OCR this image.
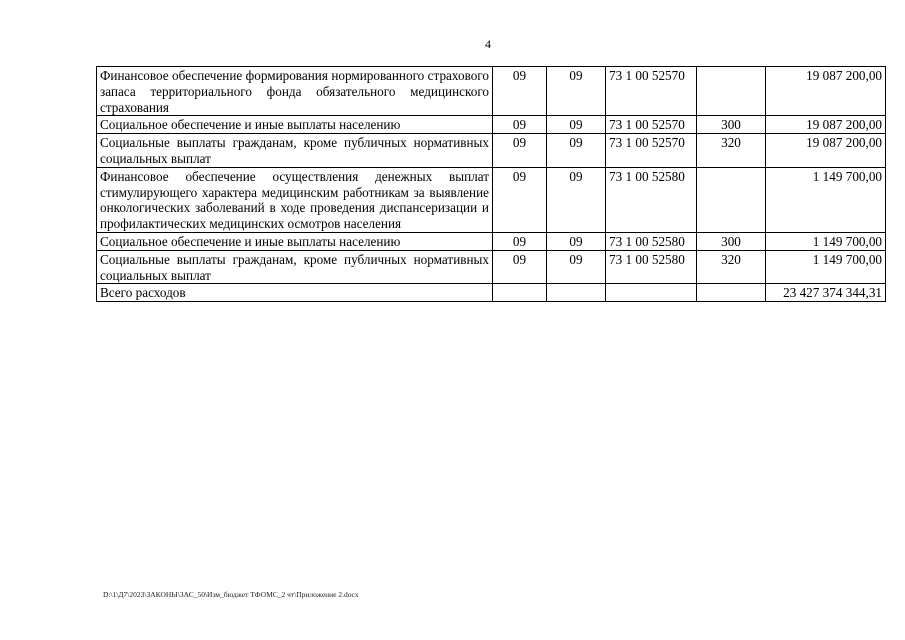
4
Финансовое обеспечение формирования нормированного страхового запаса территориального фонда обязательного медицинского страхования	09	09	73 1 00 52570		19 087 200,00
Социальное обеспечение и иные выплаты населению	09	09	73 1 00 52570	300	19 087 200,00
Социальные выплаты гражданам, кроме публичных нормативных социальных выплат	09	09	73 1 00 52570	320	19 087 200,00
Финансовое обеспечение осуществления денежных выплат стимулирующего характера медицинским работникам за выявление онкологических заболеваний в ходе проведения диспансеризации и профилактических медицинских осмотров населения	09	09	73 1 00 52580		1 149 700,00
Социальное обеспечение и иные выплаты населению	09	09	73 1 00 52580	300	1 149 700,00
Социальные выплаты гражданам, кроме публичных нормативных социальных выплат	09	09	73 1 00 52580	320	1 149 700,00
Всего расходов					23 427 374 344,31
D:\1\Д7\2023\ЗАКОНЫ\ЗАС_50\Изм_бюджет ТФОМС_2 чт\Приложение 2.docx
